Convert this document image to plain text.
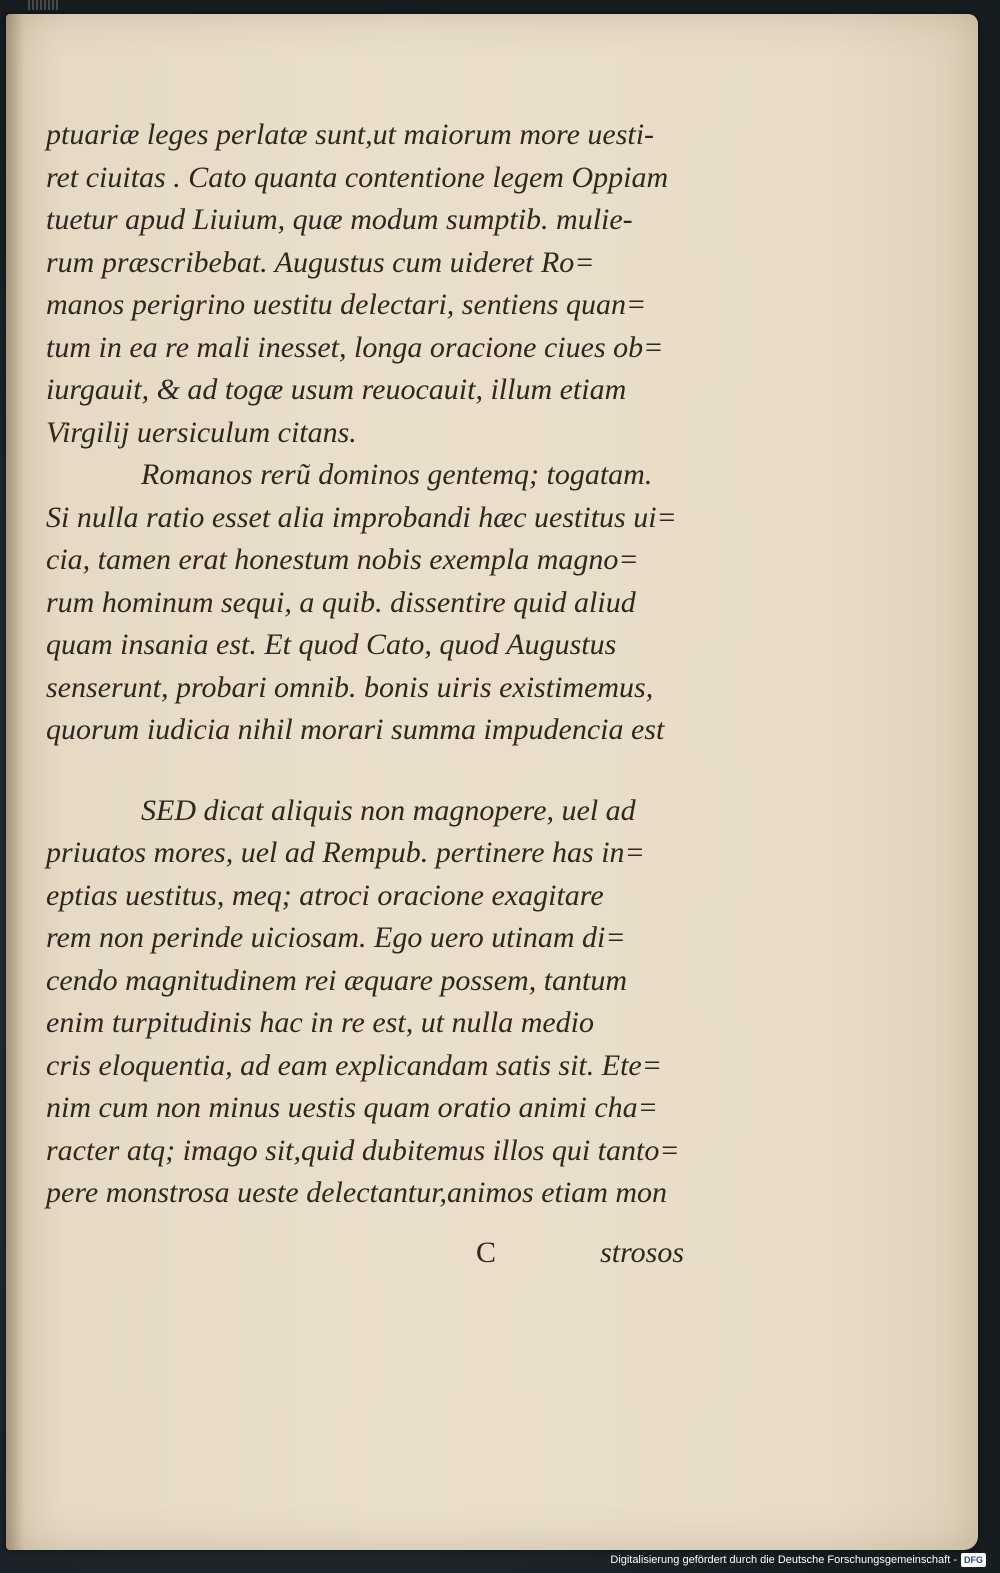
ptuariæ leges perlatæ sunt,ut maiorum more uesti-
ret ciuitas . Cato quanta contentione legem Oppiam
tuetur apud Liuium, quæ modum sumptib. mulie-
rum præscribebat. Augustus cum uideret Ro=
manos perigrino uestitu delectari, sentiens quan=
tum in ea re mali inesset, longa oracione ciues ob=
iurgauit, & ad togæ usum reuocauit, illum etiam
Virgilij uersiculum citans.
Romanos rerũ dominos gentemq; togatam.
Si nulla ratio esset alia improbandi hæc uestitus ui=
cia, tamen erat honestum nobis exempla magno=
rum hominum sequi, a quib. dissentire quid aliud
quam insania est. Et quod Cato, quod Augustus
senserunt, probari omnib. bonis uiris existimemus,
quorum iudicia nihil morari summa impudencia est
SED dicat aliquis non magnopere, uel ad
priuatos mores, uel ad Rempub. pertinere has in=
eptias uestitus, meq; atroci oracione exagitare
rem non perinde uiciosam. Ego uero utinam di=
cendo magnitudinem rei æquare possem, tantum
enim turpitudinis hac in re est, ut nulla medio
cris eloquentia, ad eam explicandam satis sit. Ete=
nim cum non minus uestis quam oratio animi cha=
racter atq; imago sit,quid dubitemus illos qui tanto=
pere monstrosa ueste delectantur,animos etiam mon
C	strosos
Digitalisierung gefördert durch die Deutsche Forschungsgemeinschaft - DFG
